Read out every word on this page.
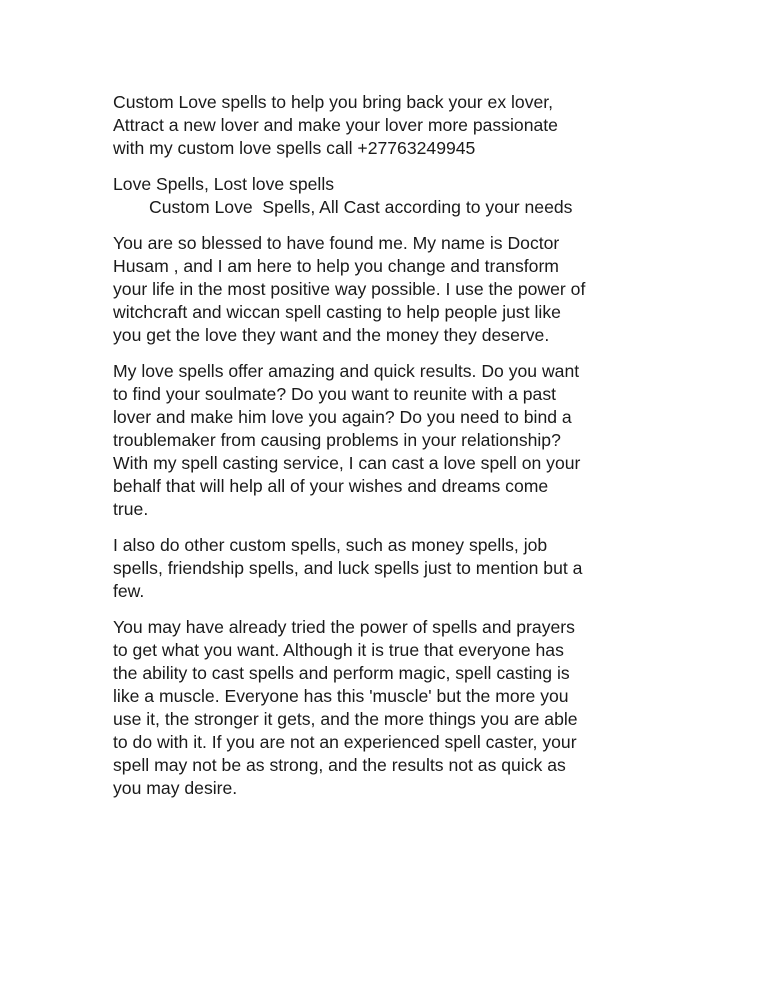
Custom Love spells to help you bring back your ex lover,
Attract a new lover and make your lover more passionate
with my custom love spells call +27763249945

Love Spells, Lost love spells
Custom Love  Spells, All Cast according to your needs

You are so blessed to have found me. My name is Doctor
Husam , and I am here to help you change and transform
your life in the most positive way possible. I use the power of
witchcraft and wiccan spell casting to help people just like
you get the love they want and the money they deserve.

My love spells offer amazing and quick results. Do you want
to find your soulmate? Do you want to reunite with a past
lover and make him love you again? Do you need to bind a
troublemaker from causing problems in your relationship?
With my spell casting service, I can cast a love spell on your
behalf that will help all of your wishes and dreams come
true.

I also do other custom spells, such as money spells, job
spells, friendship spells, and luck spells just to mention but a
few.

You may have already tried the power of spells and prayers
to get what you want. Although it is true that everyone has
the ability to cast spells and perform magic, spell casting is
like a muscle. Everyone has this 'muscle' but the more you
use it, the stronger it gets, and the more things you are able
to do with it. If you are not an experienced spell caster, your
spell may not be as strong, and the results not as quick as
you may desire.
